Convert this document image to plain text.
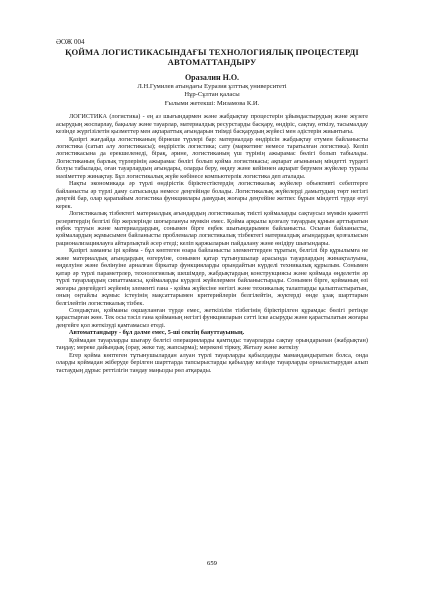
ӘОЖ 004

ҚОЙМА ЛОГИСТИКАСЫНДАҒЫ ТЕХНОЛОГИЯЛЫҚ ПРОЦЕСТЕРДІ АВТОМАТТАНДЫРУ

Оразалин Н.О.

Л.Н.Гумилев атындағы Еуразия ұлттық университеті

Нұр-Сұлтан қаласы

Ғылыми жетекші: Мизамова К.И.

ЛОГИСТИКА (логистика) - ең аз шығындармен және жабдықтау процестерін ұйымдастырудың және жүзеге асырудың жоспарлау, бақылау және тауарлар, материалдық ресурстарды басқару, өндіріс, сақтау, өткізу, тасымалдау кезінде жүргізілетін қызметтер мен ақпараттық ағындарын тиімді басқарудың жүйесі мен әдістерін жиынтығы.

Қазіргі жағдайда логистиканың бірнеше түрлері бар: материалдар өндірісін жабдықтау етумен байланысты логистика (сатып алу логистикасы); өндірістік логистика; сату (маркетинг немесе таратылған логистика). Келіп логистикасына да ерекшеленеді, бірақ, әрине, логистиканың үш түрінің ажырамас бөлігі болып табылады. Логистиканың барлық түрлерінің ажырамас бөлігі болып қойма логистикасы; ақпарат ағынының міндетті түрдегі болуы табылады, оған тауарлардың ағындары, оларды беру, өңдеу және кейіннен ақпарат берумен жүйелер туралы мәліметтер жинақтау. Бұл логистикалық жүйе көбінесе компьютерлік логистика деп аталады.

Нақты экономикада әр түрлі өндірістік біріктестіктердің логистикалық жүйелер объективті себептерге байланысты әр түрлі даму сатысында немесе деңгейінде болады. Логистикалық жүйелерді дамытудың төрт негізгі деңгейі бар, олар қарапайым логистика функциялары дамудың жоғары деңгейіне жетпес бұрын міндетті түрде өтуі керек.

Логистикалық тізбектегі материалдық ағындардың логистикалық тиісті қоймаларды сақтаусыз мүмкін қажетті резервтердің белгілі бір жерлерінде шоғырлануы мүмкін емес. Қойма арқылы қозғалу тауардың құнын арттыратын еңбек тұтуын және материалдардың, сонымен бірге еңбек шығындарымен байланысты. Осыған байланысты, қоймалардың жұмысымен байланысты проблемалар логистикалық тізбектегі материалдық ағындардың қозғалысын рационализациялауға айтарлықтай әсер етеді; келіп қаржыларын пайдалану және өнідіру шығындары.

Қазіргі заманғы ірі қойма - бұл көптеген өзара байланысты элементтерден тұратын, белгілі бір құрылымға не және материалдық ағындардың өзгеруіне, сонымен қатар тұтынушылар арасында тауарлардың жинақталуына, өңделуіне және бөлінуіне арналған біркатар функцияларды орындайтын күрделі техникалық құрылым. Сонымен қатар әр түрлі параметрлер, технологиялық шешімдер, жабдықтардың конструкциясы және қоймада өңделетін әр түрлі тауарлардың сипаттамасы, қоймаларды күрделі жүйелермен байланыстырады. Сонымен бірге, қойманың өзі жоғары деңгейдегі жүйенің элементі ғана - қойма жүйесіне негізгі және техникалық талаптарды қалыптастыратын, оның оңтайлы жұмыс істеуінің мақсаттарымен критерийлерін белгілейтін, жүктерді өнде ұзақ шарттарын белгілейтін логистикалық тізбек.

Сондықтан, қойманы оқшауланған түрде емес, жеткізілім тізбегінің біріктірілген құрамдас бөлігі ретінде қарастырған жөн. Тек осы тәсіл ғана қойманың негізгі функцияларын сәтті іске асыруды және қарастылатын жоғары деңгейге қол жеткізуді қамтамасыз етеді.

Автоматтандыру - бұл дәлме емес, 5-ші сектің баяуттауының.

Қоймадан тауарларды шығару белгісі операцияларды қамтиды: тауарларды сақтау орындарынан (жабдықтан) таңдау; мереке дайындық (орау, жеке тау, жапсырма); мерекені тіркеу, Жетазу және жеткізу

Егер қойма көптеген тұтынушылардан алуан түрлі тауарларды қабылдауды мамандандыратын болса, онда оларды қоймадан жіберуде берілген шарттарда тапсырыстарды қабылдау кезінде тауарларды орналастырудан алып тастаудың дұрыс реттілігін таңдау маңызды рөл атқарады.

659
